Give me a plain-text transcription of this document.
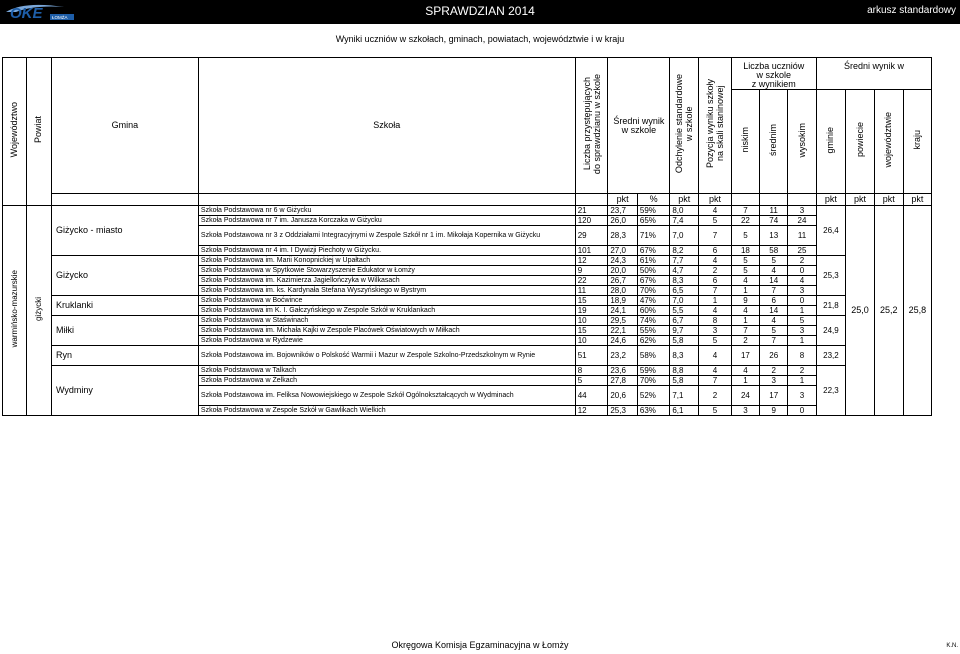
OKE ŁOMŻA	SPRAWDZIAN 2014	arkusz standardowy
Wyniki uczniów w szkołach, gminach, powiatach, województwie i w kraju
Województwo	Powiat	Gmina	Szkoła	Liczba przystępujących
do sprawdzianu w szkole	Średni wynik
w szkole		Odchylenie standardowe
w szkole	Pozycja wyniku szkoły
na skali staninowej	Liczba uczniów
w szkole
z wynikiem			Średni wynik w			

									niskim	średnim	wysokim	gminie	powiecie	województwie	kraju

					pkt	%	pkt	pkt				pkt	pkt	pkt	pkt

warmińsko-mazurskie	giżycki	Giżycko - miasto	Szkoła Podstawowa nr 6 w Giżycku	21	23,7	59%	8,0	4	7	11	3	26,4	25,0	25,2	25,8
			Szkoła Podstawowa nr 7 im. Janusza Korczaka w Giżycku	120	26,0	65%	7,4	5	22	74	24				
			Szkoła Podstawowa nr 3 z Oddziałami Integracyjnymi w Zespole Szkół nr 1 im. Mikołaja Kopernika w Giżycku	29	28,3	71%	7,0	7	5	13	11				
			Szkoła Podstawowa nr 4 im. I Dywizji Piechoty w Giżycku.	101	27,0	67%	8,2	6	18	58	25				
		Giżycko	Szkoła Podstawowa im. Marii Konopnickiej w Upałtach	12	24,3	61%	7,7	4	5	5	2	25,3			
			Szkoła Podstawowa w Spytkowie Stowarzyszenie Edukator w Łomży	9	20,0	50%	4,7	2	5	4	0				
			Szkoła Podstawowa im. Kazimierza Jagiellończyka w Wilkasach	22	26,7	67%	8,3	6	4	14	4				
			Szkoła Podstawowa im. ks. Kardynała Stefana Wyszyńskiego w Bystrym	11	28,0	70%	6,5	7	1	7	3				
		Kruklanki	Szkoła Podstawowa w Boćwince	15	18,9	47%	7,0	1	9	6	0	21,8			
			Szkoła Podstawowa im K. I. Gałczyńskiego w Zespole Szkół w Kruklankach	19	24,1	60%	5,5	4	4	14	1				
		Miłki	Szkoła Podstawowa w Staświnach	10	29,5	74%	6,7	8	1	4	5	24,9			
			Szkoła Podstawowa im. Michała Kajki w Zespole Placówek Oświatowych w Miłkach	15	22,1	55%	9,7	3	7	5	3				
			Szkoła Podstawowa w Rydzewie	10	24,6	62%	5,8	5	2	7	1				
		Ryn	Szkoła Podstawowa im. Bojowników o Polskość Warmii i Mazur w Zespole Szkolno-Przedszkolnym w Rynie	51	23,2	58%	8,3	4	17	26	8	23,2			
		Wydminy	Szkoła Podstawowa w Talkach	8	23,6	59%	8,8	4	4	2	2	22,3			
			Szkoła Podstawowa w Żelkach	5	27,8	70%	5,8	7	1	3	1				
			Szkoła Podstawowa im. Feliksa Nowowiejskiego w Zespole Szkół Ogólnokształcących w Wydminach	44	20,6	52%	7,1	2	24	17	3				
			Szkoła Podstawowa w Zespole Szkół w Gawlikach Wielkich	12	25,3	63%	6,1	5	3	9	0				
Okręgowa Komisja Egzaminacyjna w Łomży	K.N.
